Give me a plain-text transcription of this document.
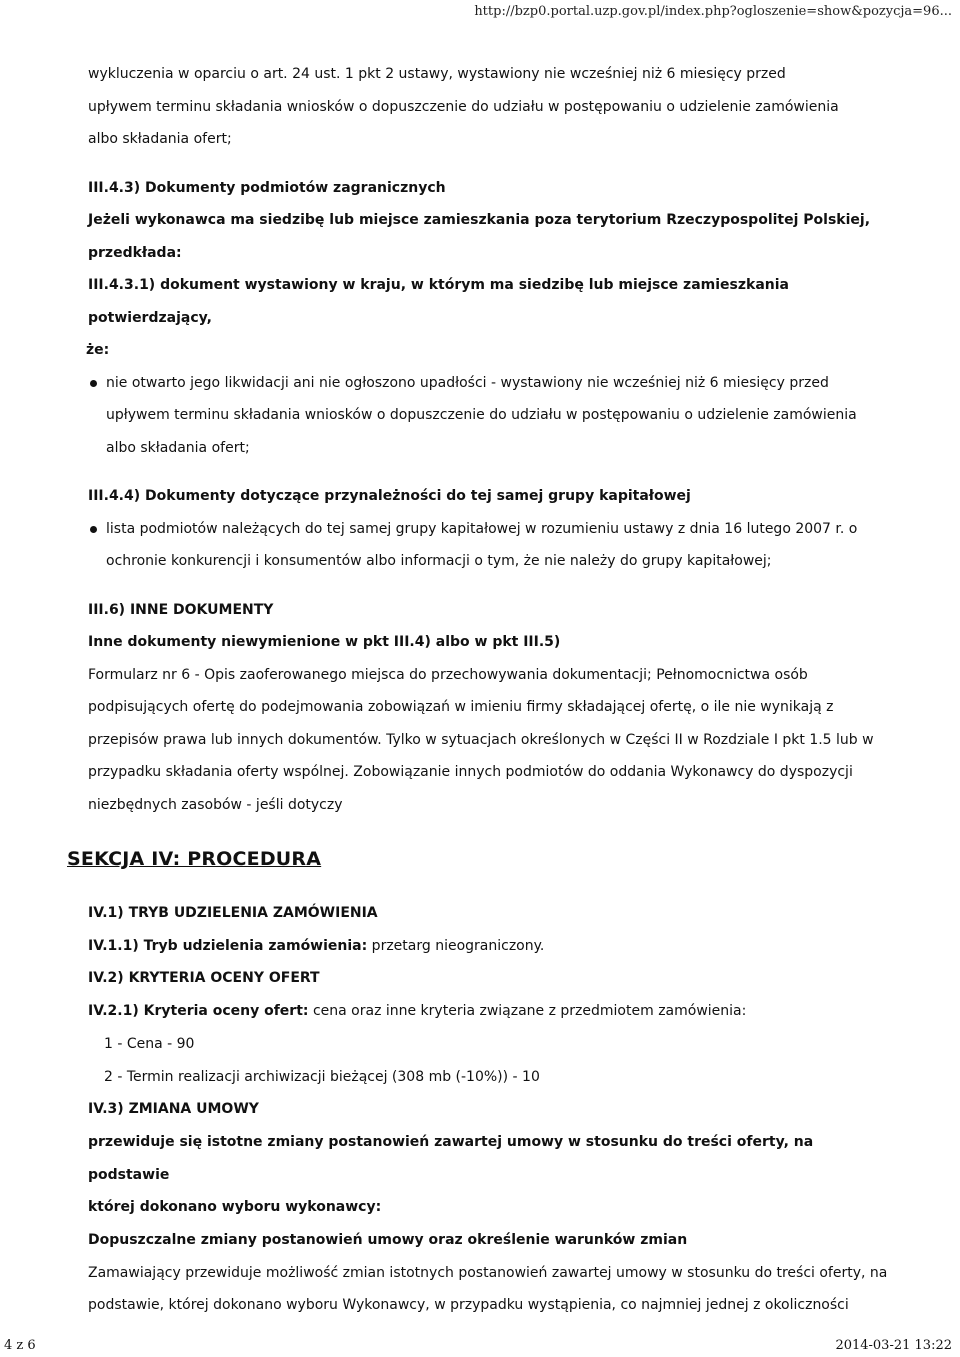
http://bzp0.portal.uzp.gov.pl/index.php?ogloszenie=show&pozycja=96...

wykluczenia w oparciu o art. 24 ust. 1 pkt 2 ustawy, wystawiony nie wcześniej niż 6 miesięcy przed

upływem terminu składania wniosków o dopuszczenie do udziału w postępowaniu o udzielenie zamówienia

albo składania ofert;

III.4.3) Dokumenty podmiotów zagranicznych

Jeżeli wykonawca ma siedzibę lub miejsce zamieszkania poza terytorium Rzeczypospolitej Polskiej,

przedkłada:

III.4.3.1) dokument wystawiony w kraju, w którym ma siedzibę lub miejsce zamieszkania potwierdzający,

że:

nie otwarto jego likwidacji ani nie ogłoszono upadłości - wystawiony nie wcześniej niż 6 miesięcy przed
upływem terminu składania wniosków o dopuszczenie do udziału w postępowaniu o udzielenie zamówienia
albo składania ofert;

III.4.4) Dokumenty dotyczące przynależności do tej samej grupy kapitałowej

lista podmiotów należących do tej samej grupy kapitałowej w rozumieniu ustawy z dnia 16 lutego 2007 r. o
ochronie konkurencji i konsumentów albo informacji o tym, że nie należy do grupy kapitałowej;

III.6) INNE DOKUMENTY

Inne dokumenty niewymienione w pkt III.4) albo w pkt III.5)

Formularz nr 6 - Opis zaoferowanego miejsca do przechowywania dokumentacji; Pełnomocnictwa osób

podpisujących ofertę do podejmowania zobowiązań w imieniu firmy składającej ofertę, o ile nie wynikają z

przepisów prawa lub innych dokumentów. Tylko w sytuacjach określonych w Części II w Rozdziale I pkt 1.5 lub w

przypadku składania oferty wspólnej. Zobowiązanie innych podmiotów do oddania Wykonawcy do dyspozycji

niezbędnych zasobów - jeśli dotyczy

SEKCJA IV: PROCEDURA

IV.1) TRYB UDZIELENIA ZAMÓWIENIA

IV.1.1) Tryb udzielenia zamówienia: przetarg nieograniczony.

IV.2) KRYTERIA OCENY OFERT

IV.2.1) Kryteria oceny ofert: cena oraz inne kryteria związane z przedmiotem zamówienia:

1 - Cena - 90

2 - Termin realizacji archiwizacji bieżącej (308 mb (-10%)) - 10

IV.3) ZMIANA UMOWY

przewiduje się istotne zmiany postanowień zawartej umowy w stosunku do treści oferty, na podstawie

której dokonano wyboru wykonawcy:

Dopuszczalne zmiany postanowień umowy oraz określenie warunków zmian

Zamawiający przewiduje możliwość zmian istotnych postanowień zawartej umowy w stosunku do treści oferty, na

podstawie, której dokonano wyboru Wykonawcy, w przypadku wystąpienia, co najmniej jednej z okoliczności

4 z 6	2014-03-21 13:22
